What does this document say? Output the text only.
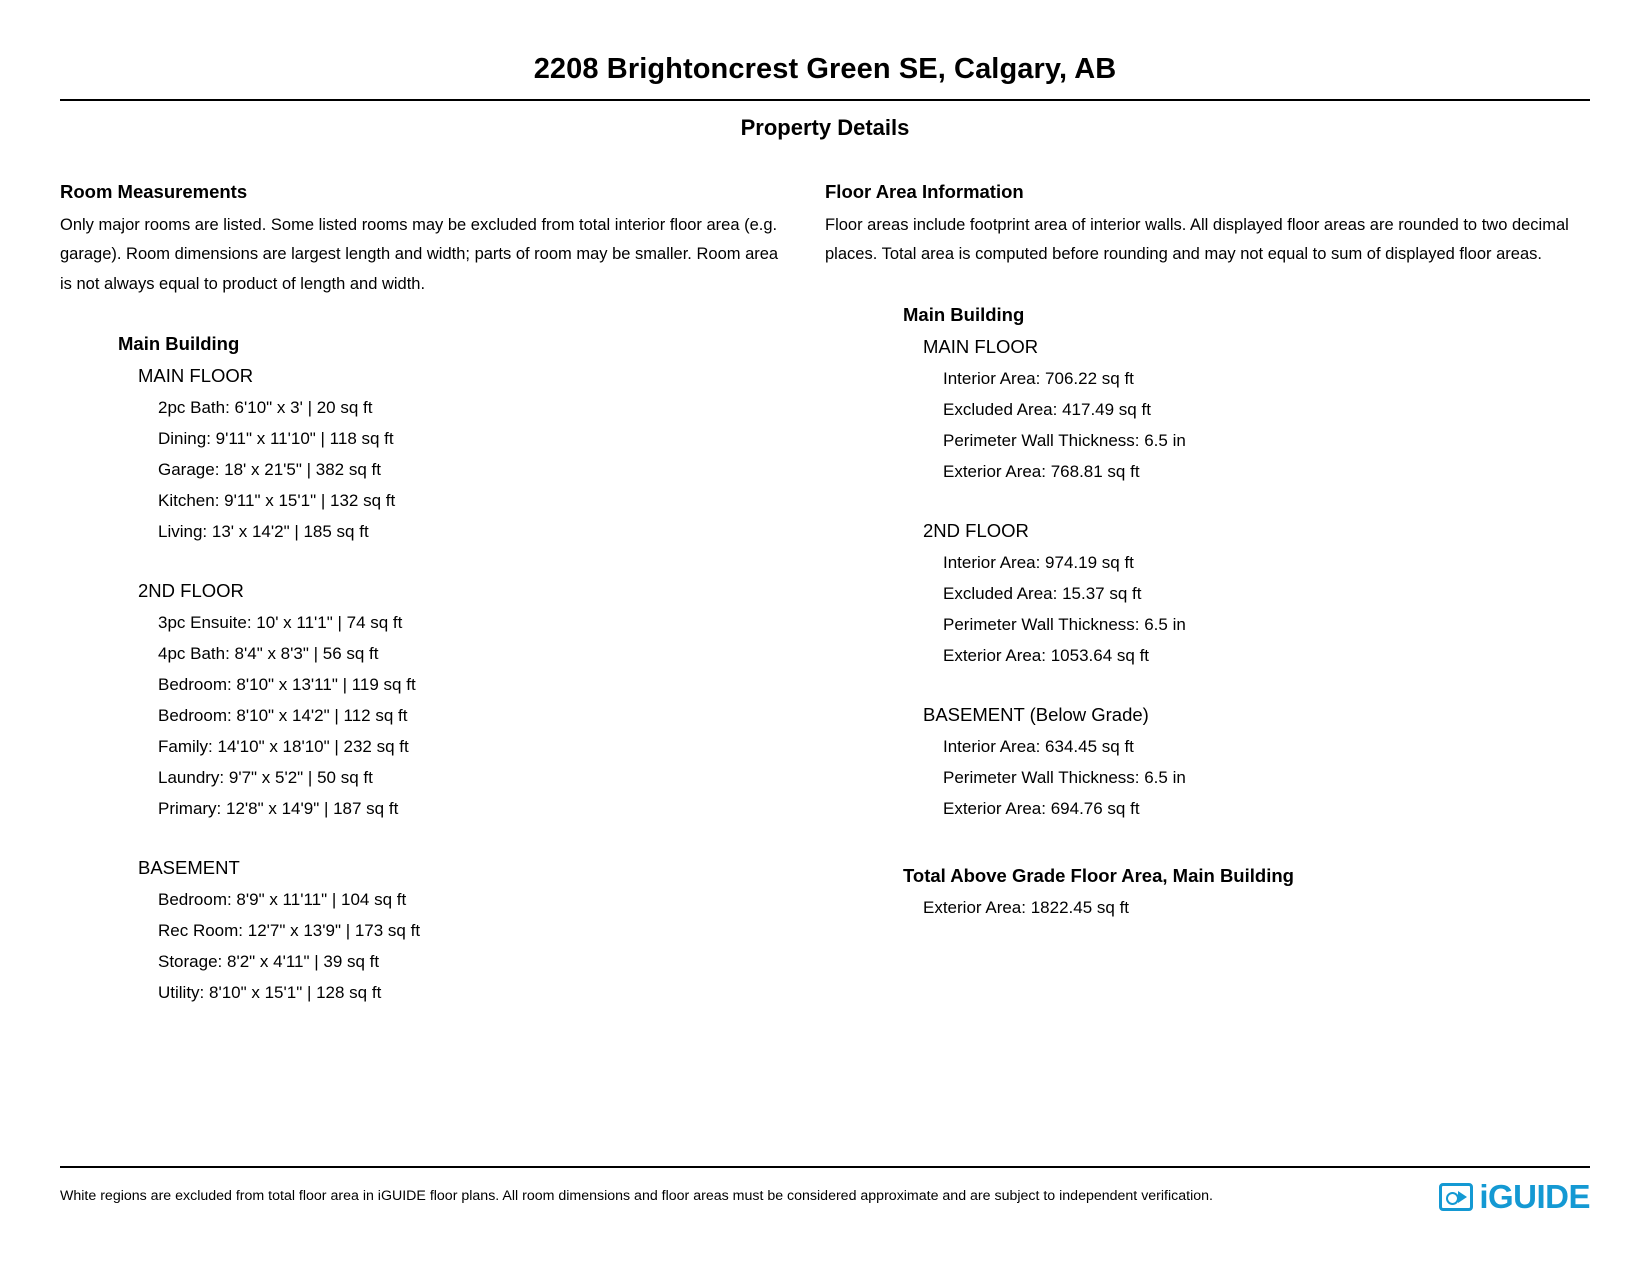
2208 Brightoncrest Green SE, Calgary, AB
Property Details
Room Measurements
Only major rooms are listed. Some listed rooms may be excluded from total interior floor area (e.g. garage). Room dimensions are largest length and width; parts of room may be smaller. Room area is not always equal to product of length and width.
Main Building
MAIN FLOOR
2pc Bath: 6'10" x 3' | 20 sq ft
Dining: 9'11" x 11'10" | 118 sq ft
Garage: 18' x 21'5" | 382 sq ft
Kitchen: 9'11" x 15'1" | 132 sq ft
Living: 13' x 14'2" | 185 sq ft
2ND FLOOR
3pc Ensuite: 10' x 11'1" | 74 sq ft
4pc Bath: 8'4" x 8'3" | 56 sq ft
Bedroom: 8'10" x 13'11" | 119 sq ft
Bedroom: 8'10" x 14'2" | 112 sq ft
Family: 14'10" x 18'10" | 232 sq ft
Laundry: 9'7" x 5'2" | 50 sq ft
Primary: 12'8" x 14'9" | 187 sq ft
BASEMENT
Bedroom: 8'9" x 11'11" | 104 sq ft
Rec Room: 12'7" x 13'9" | 173 sq ft
Storage: 8'2" x 4'11" | 39 sq ft
Utility: 8'10" x 15'1" | 128 sq ft
Floor Area Information
Floor areas include footprint area of interior walls. All displayed floor areas are rounded to two decimal places. Total area is computed before rounding and may not equal to sum of displayed floor areas.
Main Building
MAIN FLOOR
Interior Area: 706.22 sq ft
Excluded Area: 417.49 sq ft
Perimeter Wall Thickness: 6.5 in
Exterior Area: 768.81 sq ft
2ND FLOOR
Interior Area: 974.19 sq ft
Excluded Area: 15.37 sq ft
Perimeter Wall Thickness: 6.5 in
Exterior Area: 1053.64 sq ft
BASEMENT (Below Grade)
Interior Area: 634.45 sq ft
Perimeter Wall Thickness: 6.5 in
Exterior Area: 694.76 sq ft
Total Above Grade Floor Area, Main Building
Exterior Area: 1822.45 sq ft
White regions are excluded from total floor area in iGUIDE floor plans. All room dimensions and floor areas must be considered approximate and are subject to independent verification.	iGUIDE
